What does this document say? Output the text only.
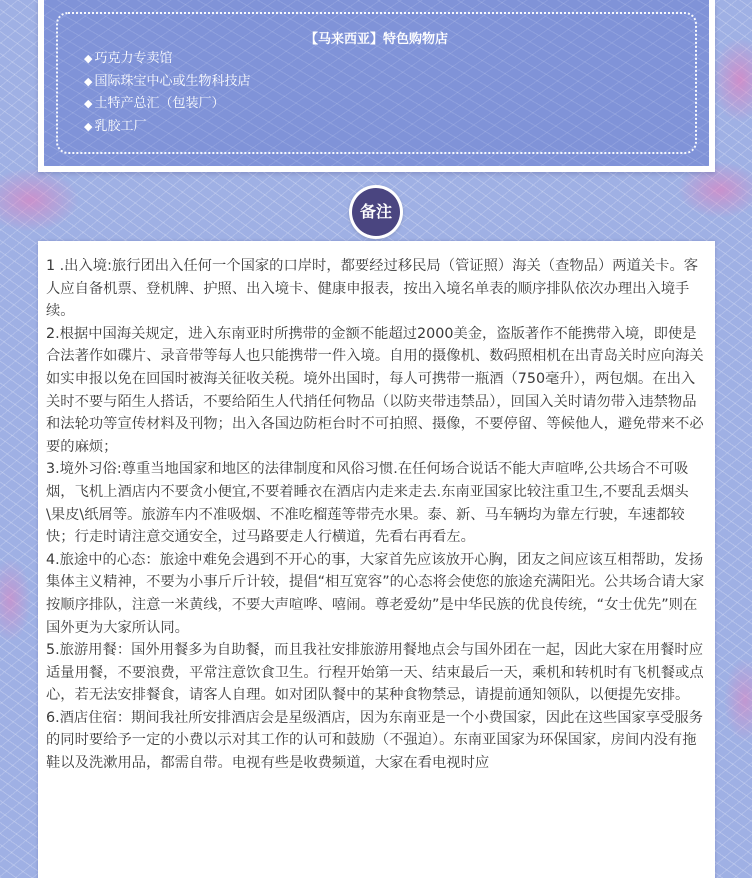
【马来西亚】特色购物店
◆ 巧克力专卖馆
◆ 国际珠宝中心或生物科技店
◆ 土特产总汇（包装厂）
◆ 乳胶工厂
备注

1 .出入境:旅行团出入任何一个国家的口岸时，都要经过移民局（管证照）海关（查物品）两道关卡。客人应自备机票、登机牌、护照、出入境卡、健康申报表，按出入境名单表的顺序排队依次办理出入境手续。

2.根据中国海关规定，进入东南亚时所携带的金额不能超过2000美金，盗版著作不能携带入境，即使是合法著作如碟片、录音带等每人也只能携带一件入境。自用的摄像机、数码照相机在出青岛关时应向海关如实申报以免在回国时被海关征收关税。境外出国时，每人可携带一瓶酒（750毫升），两包烟。在出入关时不要与陌生人搭话，不要给陌生人代捎任何物品（以防夹带违禁品），回国入关时请勿带入违禁物品和法轮功等宣传材料及刊物；出入各国边防柜台时不可拍照、摄像，不要停留、等候他人，避免带来不必要的麻烦；

3.境外习俗:尊重当地国家和地区的法律制度和风俗习惯.在任何场合说话不能大声喧哗,公共场合不可吸烟，飞机上酒店内不要贪小便宜,不要着睡衣在酒店内走来走去.东南亚国家比较注重卫生,不要乱丢烟头\果皮\纸屑等。旅游车内不准吸烟、不准吃榴莲等带壳水果。泰、新、马车辆均为靠左行驶，车速都较快；行走时请注意交通安全，过马路要走人行横道，先看右再看左。

4.旅途中的心态：旅途中难免会遇到不开心的事，大家首先应该放开心胸，团友之间应该互相帮助，发扬集体主义精神，不要为小事斤斤计较，提倡“相互宽容”的心态将会使您的旅途充满阳光。公共场合请大家按顺序排队，注意一米黄线，不要大声喧哗、嘻闹。尊老爱幼”是中华民族的优良传统，“女士优先”则在国外更为大家所认同。

5.旅游用餐：国外用餐多为自助餐，而且我社安排旅游用餐地点会与国外团在一起，因此大家在用餐时应适量用餐，不要浪费，平常注意饮食卫生。行程开始第一天、结束最后一天，乘机和转机时有飞机餐或点心，若无法安排餐食，请客人自理。如对团队餐中的某种食物禁忌，请提前通知领队，以便提先安排。

6.酒店住宿：期间我社所安排酒店会是星级酒店，因为东南亚是一个小费国家，因此在这些国家享受服务的同时要给予一定的小费以示对其工作的认可和鼓励（不强迫）。东南亚国家为环保国家，房间内没有拖鞋以及洗漱用品，都需自带。电视有些是收费频道，大家在看电视时应
